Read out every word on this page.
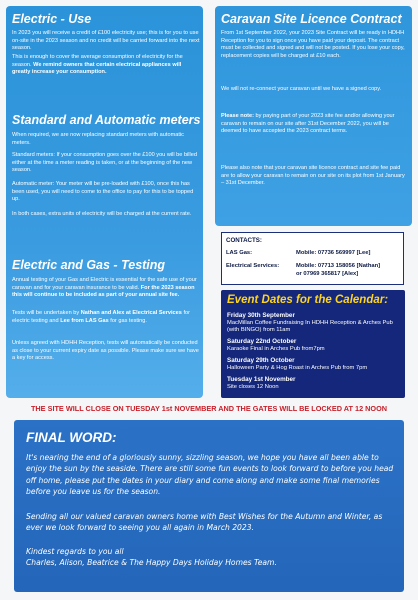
Electric - Use
In 2023 you will receive a credit of £100 electricity use; this is for you to use on-site in the 2023 season and no credit will be carried forward into the next season.
This is enough to cover the average consumption of electricity for the season. We remind owners that certain electrical appliances will greatly increase your consumption.
Standard and Automatic meters
When required, we are now replacing standard meters with automatic meters.
Standard meters: If your consumption goes over the £100 you will be billed either at the time a meter reading is taken, or at the beginning of the new season.
Automatic meter: Your meter will be pre-loaded with £100, once this has been used, you will need to come to the office to pay for this to be topped up.
In both cases, extra units of electricity will be charged at the current rate.
Electric and Gas - Testing
Annual testing of your Gas and Electric is essential for the safe use of your caravan and for your caravan insurance to be valid. For the 2023 season this will continue to be included as part of your annual site fee.
Tests will be undertaken by Nathan and Alex at Electrical Services for electric testing and Lee from LAS Gas for gas testing.
Unless agreed with HDHH Reception, tests will automatically be conducted as close to your current expiry date as possible. Please make sure we have a key for access.
Caravan Site Licence Contract
From 1st September 2022, your 2023 Site Contract will be ready in HDHH Reception for you to sign once you have paid your deposit. The contract must be collected and signed and will not be posted. If you lose your copy, replacement copies will be charged at £10 each.
We will not re-connect your caravan until we have a signed copy.
Please note: by paying part of your 2023 site fee and/or allowing your caravan to remain on our site after 31st December 2022, you will be deemed to have accepted the 2023 contract terms.
Please also note that your caravan site licence contract and site fee paid are to allow your caravan to remain on our site on its plot from 1st January – 31st December.
CONTACTS:
LAS Gas:	Mobile: 07736 569997 [Lee]
Electrical Services:	Mobile: 07713 158056 [Nathan]
or 07969 365817 [Alex]
Event Dates for the Calendar:
Friday 30th September
MacMillan Coffee Fundraising In HDHH Reception & Arches Pub (with BINGO) from 11am
Saturday 22nd October
Karaoke Final in Arches Pub from7pm
Saturday 29th October
Halloween Party & Hog Roast in Arches Pub from 7pm
Tuesday 1st November
Site closes 12 Noon
THE SITE WILL CLOSE ON TUESDAY 1st NOVEMBER AND THE GATES WILL BE LOCKED AT 12 NOON
FINAL WORD:
It's nearing the end of a gloriously sunny, sizzling season, we hope you have all been able to enjoy the sun by the seaside. There are still some fun events to look forward to before you head off home, please put the dates in your diary and come along and make some final memories before you leave us for the season.
Sending all our valued caravan owners home with Best Wishes for the Autumn and Winter, as ever we look forward to seeing you all again in March 2023.
Kindest regards to you all
Charles, Alison, Beatrice & The Happy Days Holiday Homes Team.
